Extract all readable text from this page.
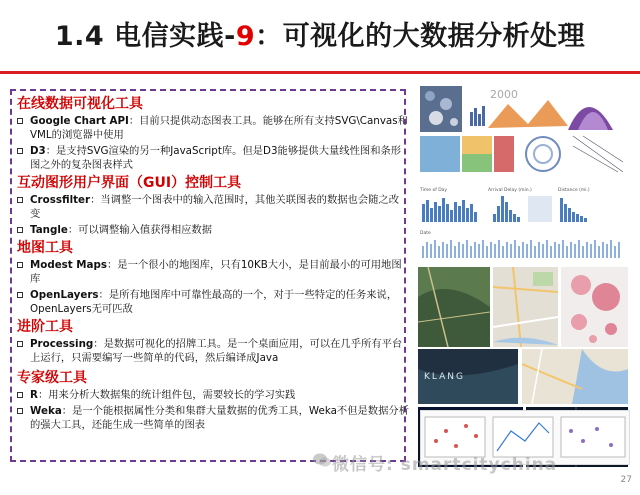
1.4 电信实践-9：可视化的大数据分析处理
在线数据可视化工具
Google Chart API：目前只提供动态图表工具。能够在所有支持SVG\Canvas和VML的浏览器中使用
D3：是支持SVG渲染的另一种JavaScript库。但是D3能够提供大量线性图和条形图之外的复杂图表样式
互动图形用户界面（GUI）控制工具
Crossfilter：当调整一个图表中的输入范围时，其他关联图表的数据也会随之改变
Tangle：可以调整输入值获得相应数据
地图工具
Modest Maps：是一个很小的地图库，只有10KB大小，是目前最小的可用地图库
OpenLayers：是所有地图库中可靠性最高的一个，对于一些特定的任务来说，OpenLayers无可匹敌
进阶工具
Processing：是数据可视化的招牌工具。是一个桌面应用，可以在几乎所有平台上运行，只需要编写一些简单的代码，然后编译成Java
专家级工具
R：用来分析大数据集的统计组件包，需要较长的学习实践
Weka：是一个能根据属性分类和集群大量数据的优秀工具，Weka不但是数据分析的强大工具，还能生成一些简单的图表
2000
Time of Day	Arrival Delay (min.)	Distance (mi.)
Date
KLANG
微信号: smartcitychina
27
